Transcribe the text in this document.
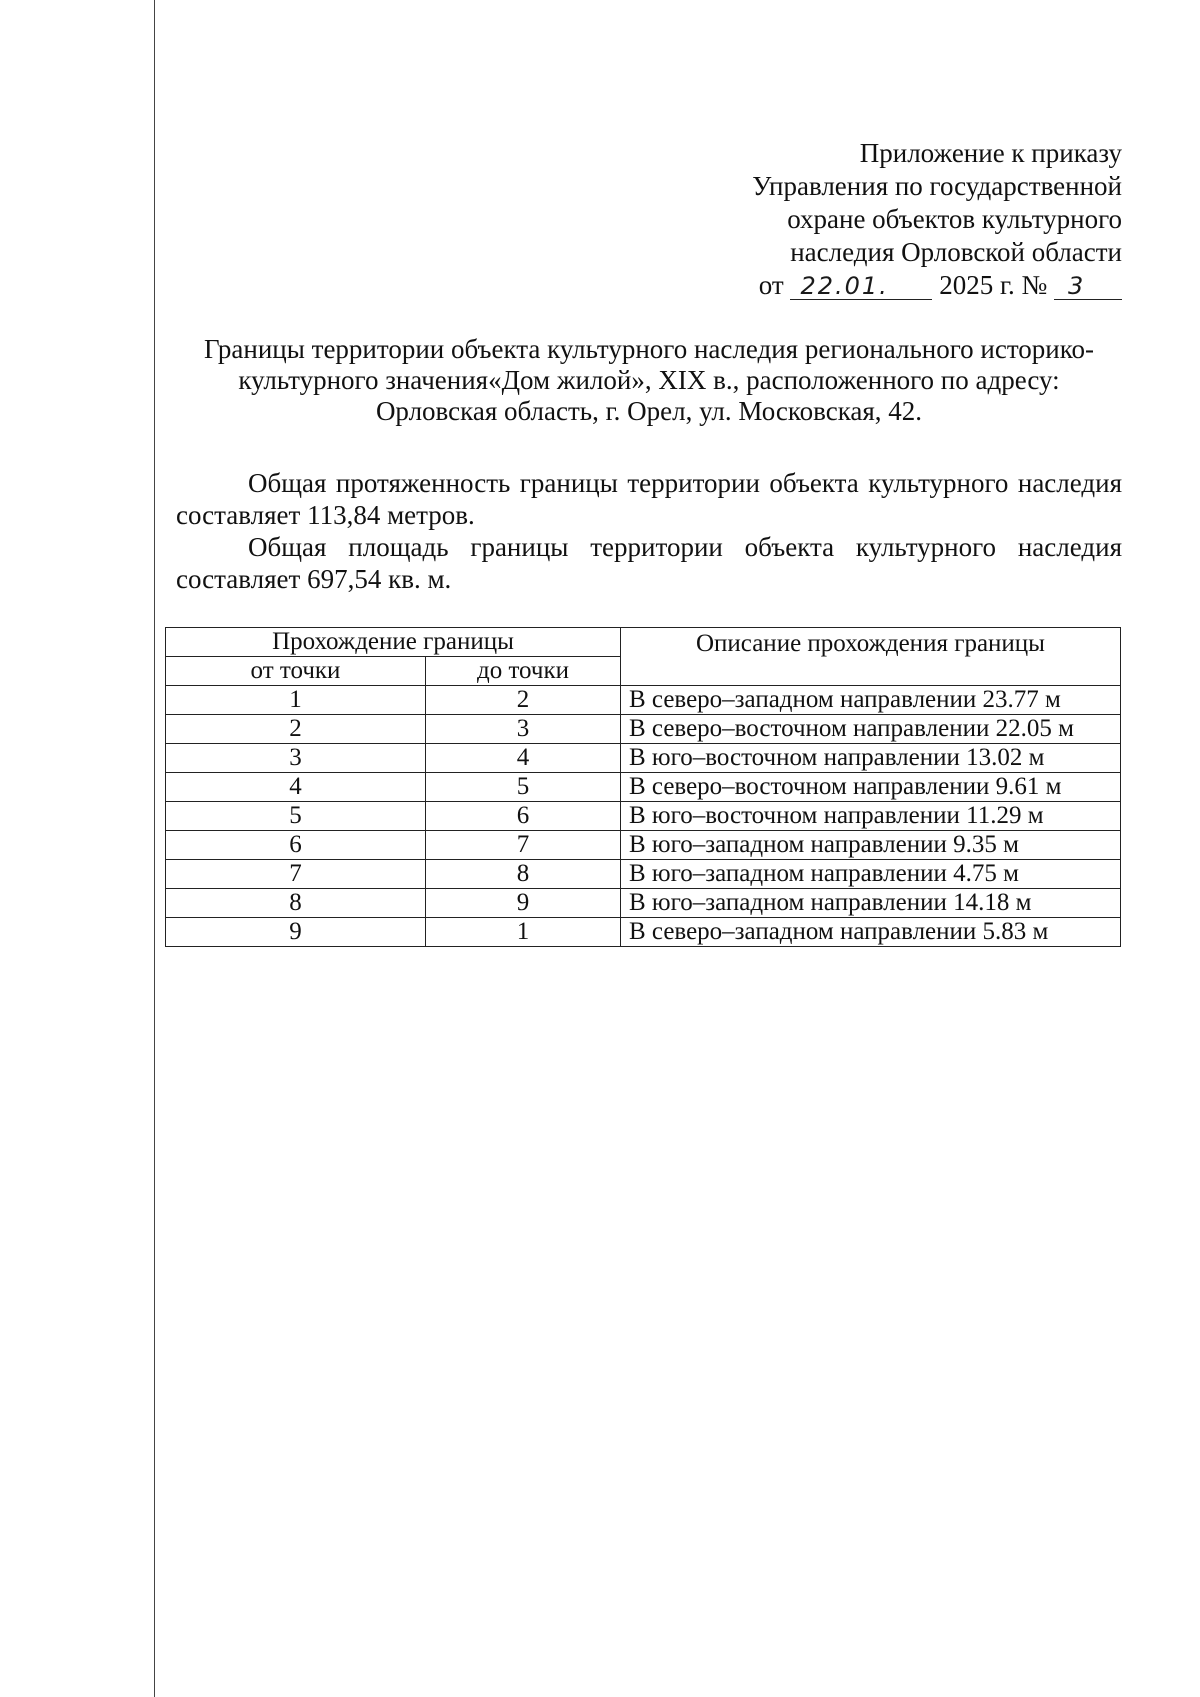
Приложение к приказу
Управления по государственной
охране объектов культурного
наследия Орловской области
от 22.01. 2025 г. № 3
Границы территории объекта культурного наследия регионального историко-культурного значения«Дом жилой», XIX в., расположенного по адресу: Орловская область, г. Орел, ул. Московская, 42.

Общая протяженность границы территории объекта культурного наследия составляет 113,84 метров.

Общая площадь границы территории объекта культурного наследия составляет 697,54 кв. м.

Прохождение границы		Описание прохождения границы
от точки	до точки	
1	2	В северо–западном направлении 23.77 м
2	3	В северо–восточном направлении 22.05 м
3	4	В юго–восточном направлении 13.02 м
4	5	В северо–восточном направлении 9.61 м
5	6	В юго–восточном направлении 11.29 м
6	7	В юго–западном направлении 9.35 м
7	8	В юго–западном направлении 4.75 м
8	9	В юго–западном направлении 14.18 м
9	1	В северо–западном направлении 5.83 м
